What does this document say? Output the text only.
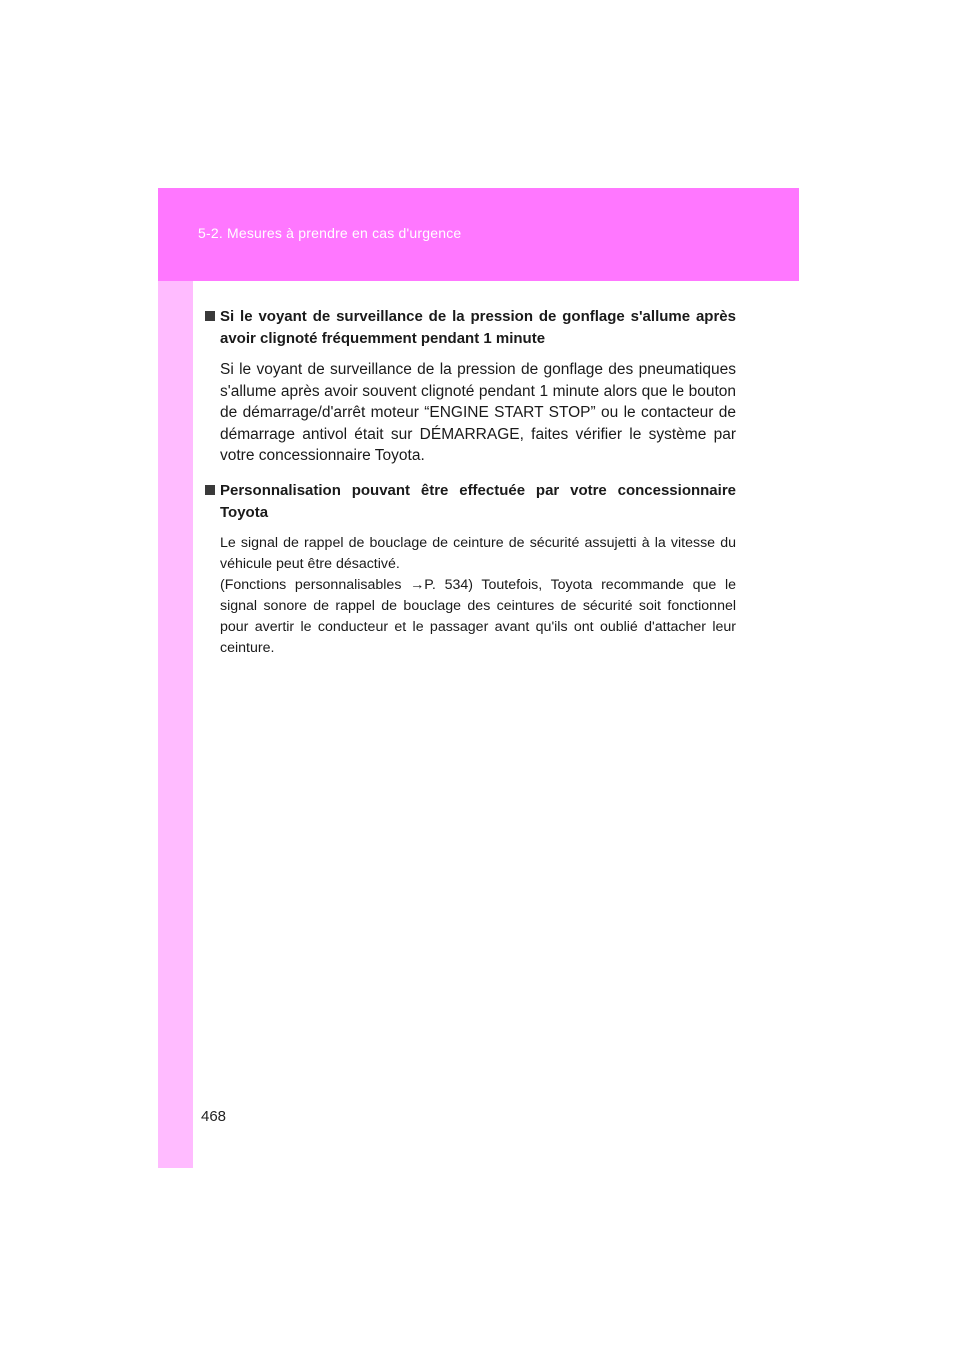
5-2. Mesures à prendre en cas d'urgence
Si le voyant de surveillance de la pression de gonflage s'allume après avoir clignoté fréquemment pendant 1 minute

Si le voyant de surveillance de la pression de gonflage des pneumatiques s'allume après avoir souvent clignoté pendant 1 minute alors que le bouton de démarrage/d'arrêt moteur “ENGINE START STOP” ou le contacteur de démarrage antivol était sur DÉMARRAGE, faites vérifier le système par votre concessionnaire Toyota.

Personnalisation pouvant être effectuée par votre concessionnaire Toyota
Le signal de rappel de bouclage de ceinture de sécurité assujetti à la vitesse du véhicule peut être désactivé.
(Fonctions personnalisables →P. 534) Toutefois, Toyota recommande que le signal sonore de rappel de bouclage des ceintures de sécurité soit fonctionnel pour avertir le conducteur et le passager avant qu'ils ont oublié d'attacher leur ceinture.
468
